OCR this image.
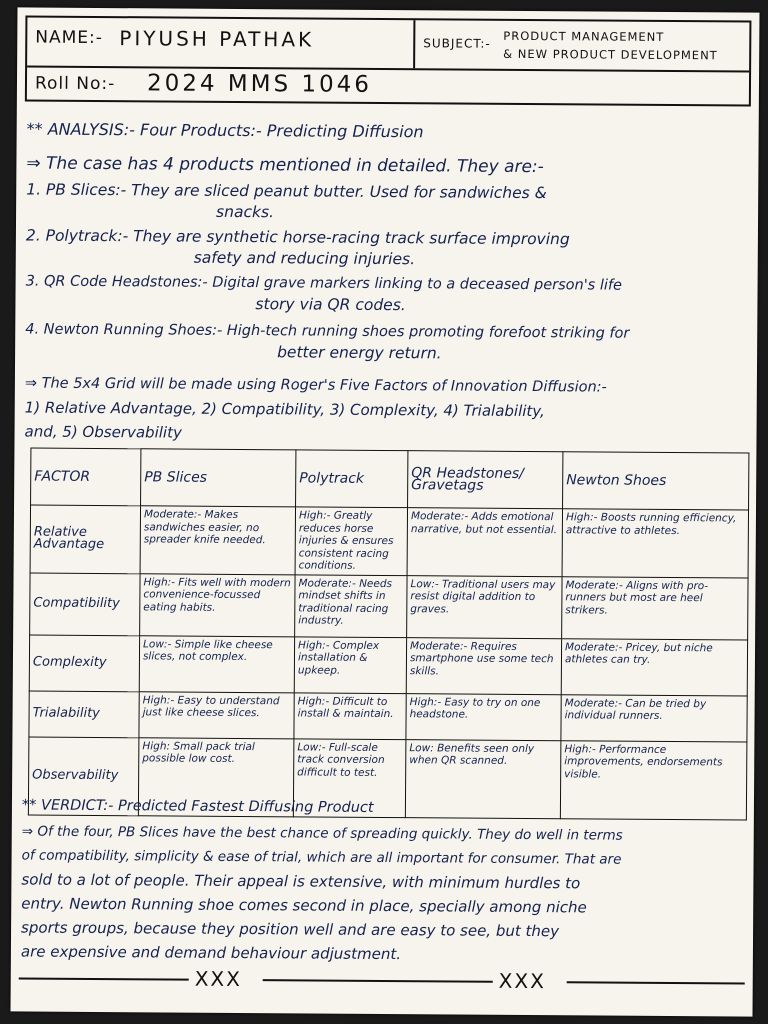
NAME:- PIYUSH PATHAK
Roll No:- 2024 MMS 1046
SUBJECT:- PRODUCT MANAGEMENT
& NEW PRODUCT DEVELOPMENT
** ANALYSIS:- Four Products:- Predicting Diffusion
⇒ The case has 4 products mentioned in detailed. They are:-
1. PB Slices:- They are sliced peanut butter. Used for sandwiches &
snacks.
2. Polytrack:- They are synthetic horse-racing track surface improving
safety and reducing injuries.
3. QR Code Headstones:- Digital grave markers linking to a deceased person's life
story via QR codes.
4. Newton Running Shoes:- High-tech running shoes promoting forefoot striking for
better energy return.
⇒ The 5x4 Grid will be made using Roger's Five Factors of Innovation Diffusion:-
1) Relative Advantage, 2) Compatibility, 3) Complexity, 4) Trialability,
and, 5) Observability
FACTOR	PB Slices	Polytrack	QR Headstones/ Gravetags	Newton Shoes
Relative Advantage	Moderate:- Makes sandwiches easier, no spreader knife needed.	High:- Greatly reduces horse injuries & ensures consistent racing conditions.	Moderate:- Adds emotional narrative, but not essential.	High:- Boosts running efficiency, attractive to athletes.
Compatibility	High:- Fits well with modern convenience-focussed eating habits.	Moderate:- Needs mindset shifts in traditional racing industry.	Low:- Traditional users may resist digital addition to graves.	Moderate:- Aligns with pro-runners but most are heel strikers.
Complexity	Low:- Simple like cheese slices, not complex.	High:- Complex installation & upkeep.	Moderate:- Requires smartphone use some tech skills.	Moderate:- Pricey, but niche athletes can try.
Trialability	High:- Easy to understand just like cheese slices.	High:- Difficult to install & maintain.	High:- Easy to try on one headstone.	Moderate:- Can be tried by individual runners.
Observability	High: Small pack trial possible low cost.	Low:- Full-scale track conversion difficult to test.	Low: Benefits seen only when QR scanned.	High:- Performance improvements, endorsements visible.
** VERDICT:- Predicted Fastest Diffusing Product
⇒ Of the four, PB Slices have the best chance of spreading quickly. They do well in terms
of compatibility, simplicity & ease of trial, which are all important for consumer. That are
sold to a lot of people. Their appeal is extensive, with minimum hurdles to
entry. Newton Running shoe comes second in place, specially among niche
sports groups, because they position well and are easy to see, but they
are expensive and demand behaviour adjustment.
XXX	XXX
